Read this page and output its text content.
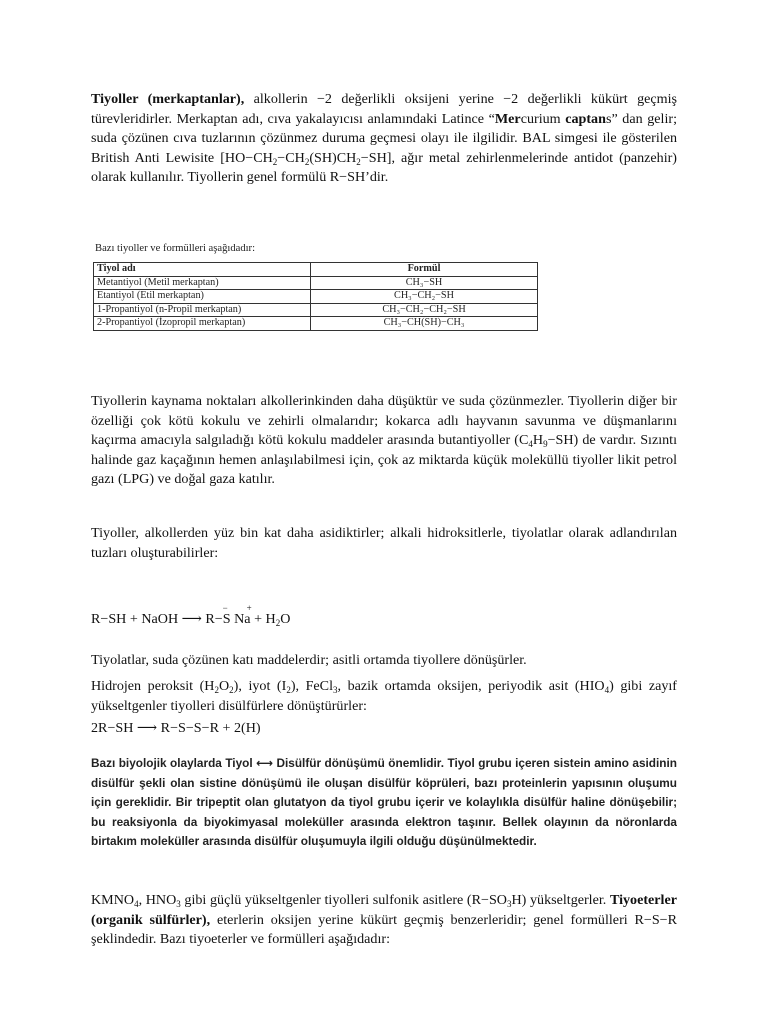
Tiyoller (merkaptanlar), alkollerin −2 değerlikli oksijeni yerine −2 değerlikli kükürt geçmiş türevleridirler. Merkaptan adı, cıva yakalayıcısı anlamındaki Latince “Mercurium captans” dan gelir; suda çözünen cıva tuzlarının çözünmez duruma geçmesi olayı ile ilgilidir. BAL simgesi ile gösterilen British Anti Lewisite $[HO-CH_2-CH_2(SH)CH_2-SH]$, ağır metal zehirlenmelerinde antidot (panzehir) olarak kullanılır. Tiyollerin genel formülü R−SH’dir.

Bazı tiyoller ve formülleri aşağıdadır:
Tiyol adı	Formül
Metantiyol (Metil merkaptan)	CH₃−SH
Etantiyol (Etil merkaptan)	CH₃−CH₂−SH
1-Propantiyol (n-Propil merkaptan)	CH₃−CH₂−CH₂−SH
2-Propantiyol (İzopropil merkaptan)	CH₃−CH(SH)−CH₃

Tiyollerin kaynama noktaları alkollerinkinden daha düşüktür ve suda çözünmezler. Tiyollerin diğer bir özelliği çok kötü kokulu ve zehirli olmalarıdır; kokarca adlı hayvanın savunma ve düşmanlarını kaçırma amacıyla salgıladığı kötü kokulu maddeler arasında butantiyoller $(C_4H_9-SH)$ de vardır. Sızıntı halinde gaz kaçağının hemen anlaşılabilmesi için, çok az miktarda küçük moleküllü tiyoller likit petrol gazı (LPG) ve doğal gaza katılır.

Tiyoller, alkollerden yüz bin kat daha asidiktirler; alkali hidroksitlerle, tiyolatlar olarak adlandırılan tuzları oluşturabilirler:

R−SH + NaOH ⟶ R−S
−
Na
+
+ $H_2O$

Tiyolatlar, suda çözünen katı maddelerdir; asitli ortamda tiyollere dönüşürler.

Hidrojen peroksit $(H_2O_2)$, iyot $(I_2)$, FeCl$_3$, bazik ortamda oksijen, periyodik asit $(HIO_4)$ gibi zayıf yükseltgenler tiyolleri disülfürlere dönüştürürler:

2R−SH ⟶ R−S−S−R + 2(H)

Bazı biyolojik olaylarda Tiyol ⟷ Disülfür dönüşümü önemlidir. Tiyol grubu içeren sistein amino asidinin disülfür şekli olan sistine dönüşümü ile oluşan disülfür köprüleri, bazı proteinlerin yapısının oluşumu için gereklidir. Bir tripeptit olan glutatyon da tiyol grubu içerir ve kolaylıkla disülfür haline dönüşebilir; bu reaksiyonla da biyokimyasal moleküller arasında elektron taşınır. Bellek olayının da nöronlarda birtakım moleküller arasında disülfür oluşumuyla ilgili olduğu düşünülmektedir.

$KMNO_4$, $HNO_3$ gibi güçlü yükseltgenler tiyolleri sulfonik asitlere $(R-SO_3H)$ yükseltgerler. Tiyoeterler (organik sülfürler), eterlerin oksijen yerine kükürt geçmiş benzerleridir; genel formülleri R−S−R şeklindedir. Bazı tiyoeterler ve formülleri aşağıdadır:
